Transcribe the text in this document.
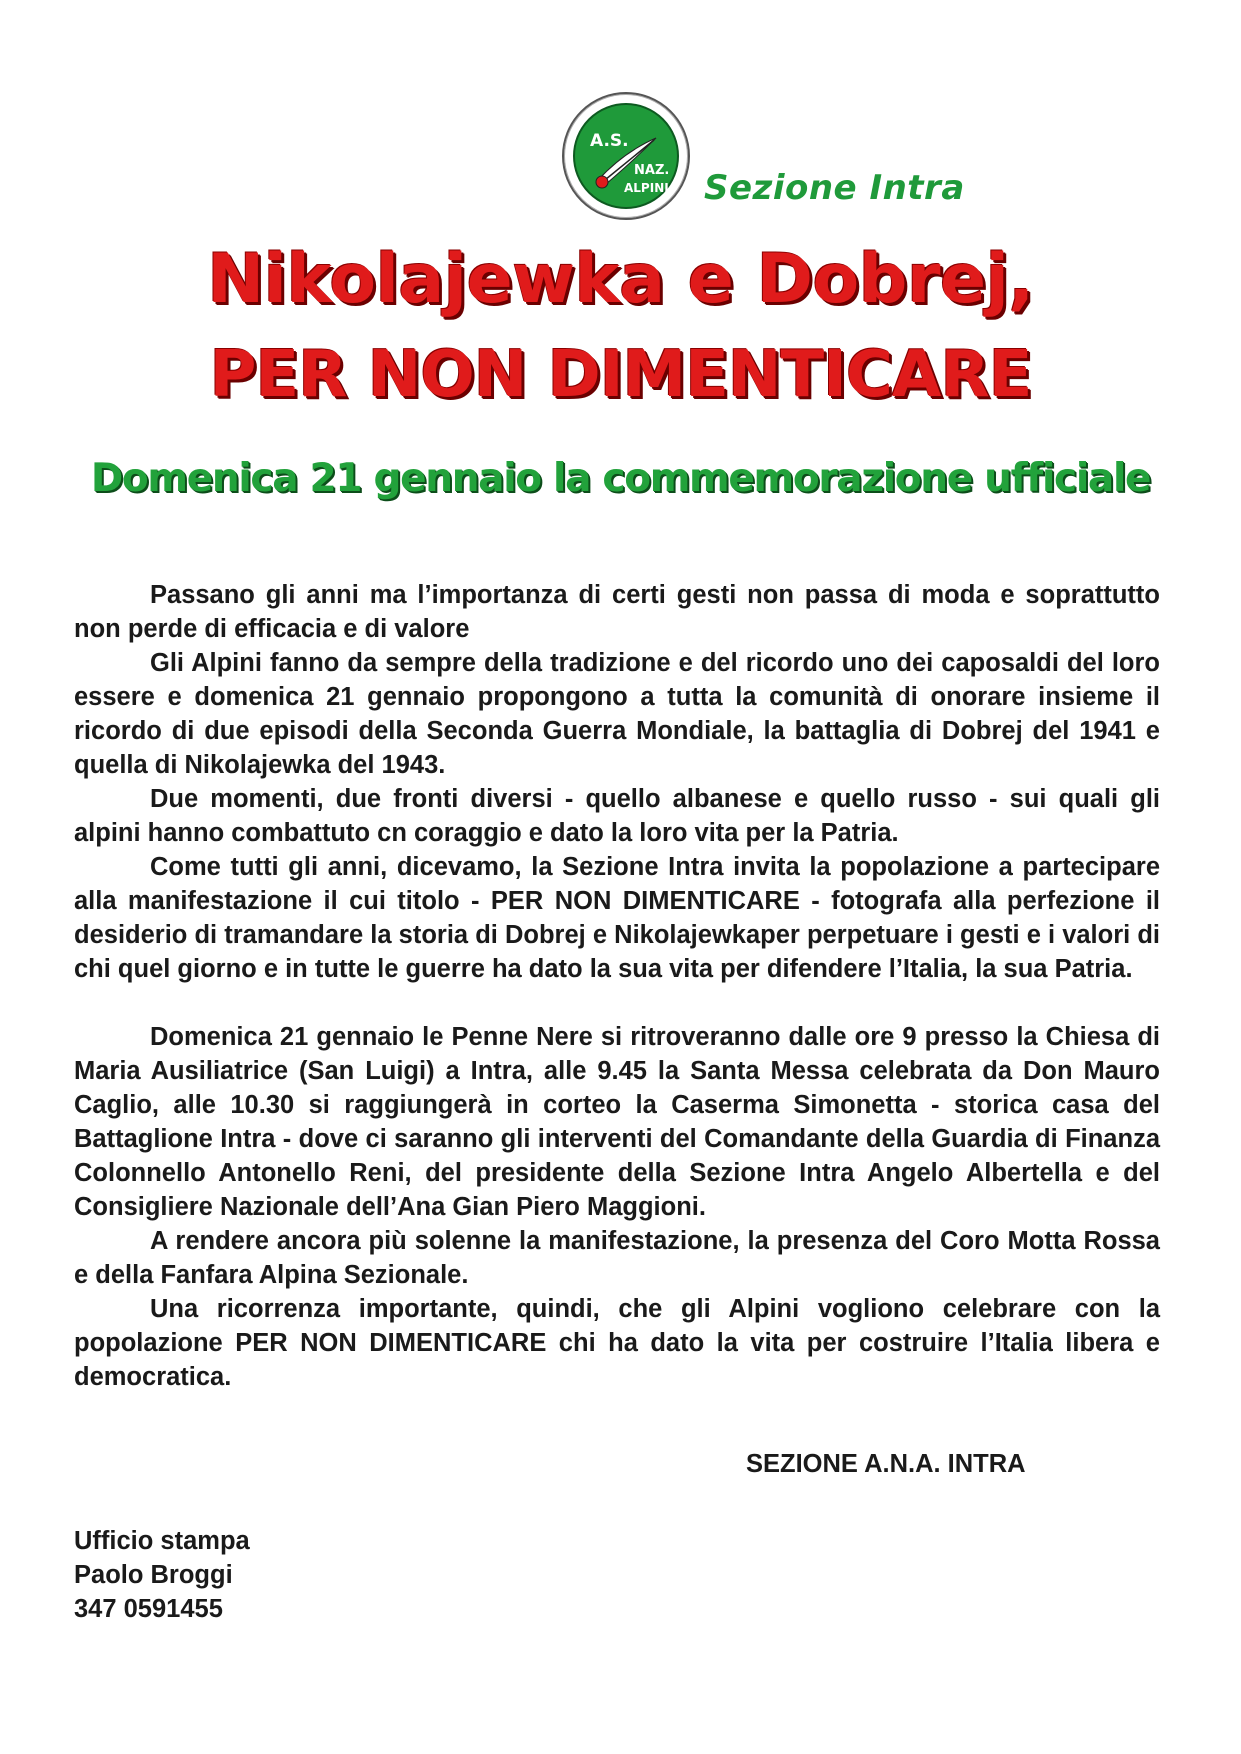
A.S.
NAZ.
ALPINI Sezione Intra
Nikolajewka e Dobrej,
PER NON DIMENTICARE
Domenica 21 gennaio la commemorazione ufficiale

Passano gli anni ma l’importanza di certi gesti non passa di moda e soprattutto non perde di efficacia e di valore

Gli Alpini fanno da sempre della tradizione e del ricordo uno dei caposaldi del loro essere e domenica 21 gennaio propongono a tutta la comunità di onorare insieme il ricordo di due episodi della Seconda Guerra Mondiale, la battaglia di Dobrej del 1941 e quella di Nikolajewka del 1943.

Due momenti, due fronti diversi - quello albanese e quello russo - sui quali gli alpini hanno combattuto cn coraggio e dato la loro vita per la Patria.

Come tutti gli anni, dicevamo, la Sezione Intra invita la popolazione a partecipare alla manifestazione il cui titolo - PER NON DIMENTICARE - fotografa alla perfezione il desiderio di tramandare la storia di Dobrej e Nikolajewkaper perpetuare i gesti e i valori di chi quel giorno e in tutte le guerre ha dato la sua vita per difendere l’Italia, la sua Patria.

Domenica 21 gennaio le Penne Nere si ritroveranno dalle ore 9 presso la Chiesa di Maria Ausiliatrice (San Luigi) a Intra, alle 9.45 la Santa Messa celebrata da Don Mauro Caglio, alle 10.30 si raggiungerà in corteo la Caserma Simonetta - storica casa del Battaglione Intra - dove ci saranno gli interventi del Comandante della Guardia di Finanza Colonnello Antonello Reni, del presidente della Sezione Intra Angelo Albertella e del Consigliere Nazionale dell’Ana Gian Piero Maggioni.

A rendere ancora più solenne la manifestazione, la presenza del Coro Motta Rossa e della Fanfara Alpina Sezionale.

Una ricorrenza importante, quindi, che gli Alpini vogliono celebrare con la popolazione PER NON DIMENTICARE chi ha dato la vita per costruire l’Italia libera e democratica.

SEZIONE A.N.A. INTRA
Ufficio stampa
Paolo Broggi
347 0591455
